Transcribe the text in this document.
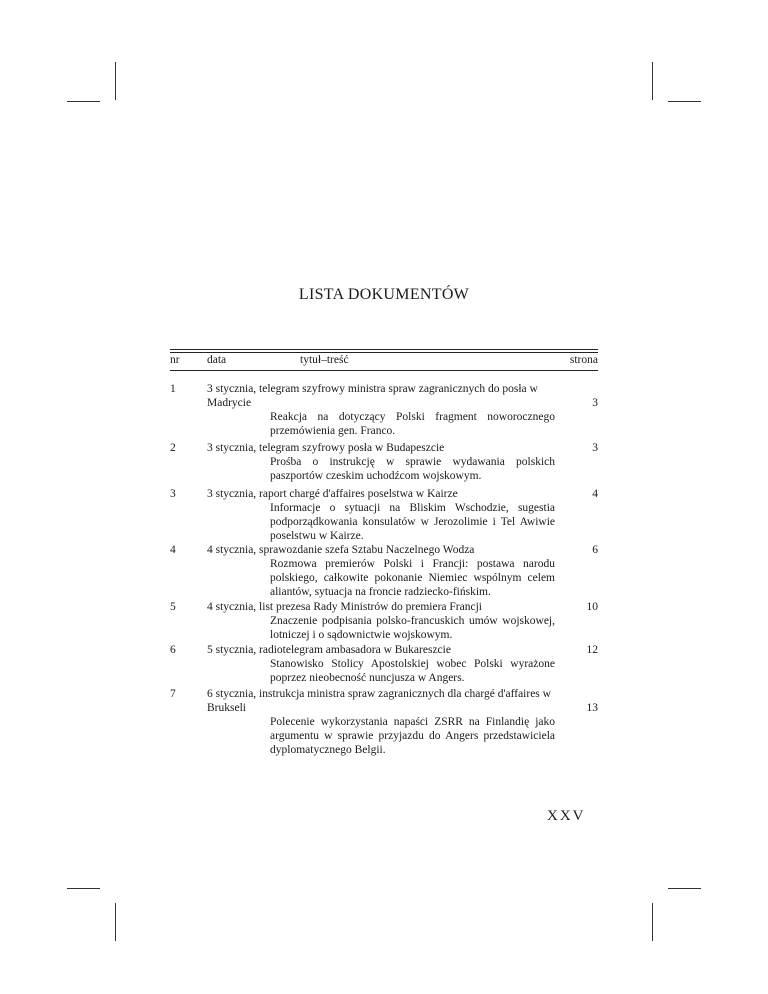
LISTA DOKUMENTÓW
nr data	tytuł–treść	strona
1	3 stycznia, telegram szyfrowy ministra spraw zagranicznych do posła w Madrycie	3
Reakcja na dotyczący Polski fragment noworocznego przemówienia gen. Franco.
2	3 stycznia, telegram szyfrowy posła w Budapeszcie	3
Prośba o instrukcję w sprawie wydawania polskich paszportów czeskim uchodźcom wojskowym.
3	3 stycznia, raport chargé d'affaires poselstwa w Kairze	4
Informacje o sytuacji na Bliskim Wschodzie, sugestia podporządkowania konsulatów w Jerozolimie i Tel Awiwie poselstwu w Kairze.
4	4 stycznia, sprawozdanie szefa Sztabu Naczelnego Wodza	6
Rozmowa premierów Polski i Francji: postawa narodu polskiego, całkowite pokonanie Niemiec wspólnym celem aliantów, sytuacja na froncie radziecko-fińskim.
5	4 stycznia, list prezesa Rady Ministrów do premiera Francji	10
Znaczenie podpisania polsko-francuskich umów wojskowej, lotniczej i o sądownictwie wojskowym.
6	5 stycznia, radiotelegram ambasadora w Bukareszcie	12
Stanowisko Stolicy Apostolskiej wobec Polski wyrażone poprzez nieobecność nuncjusza w Angers.
7	6 stycznia, instrukcja ministra spraw zagranicznych dla chargé d'affaires w Brukseli	13
Polecenie wykorzystania napaści ZSRR na Finlandię jako argumentu w sprawie przyjazdu do Angers przedstawiciela dyplomatycznego Belgii.
XXV
